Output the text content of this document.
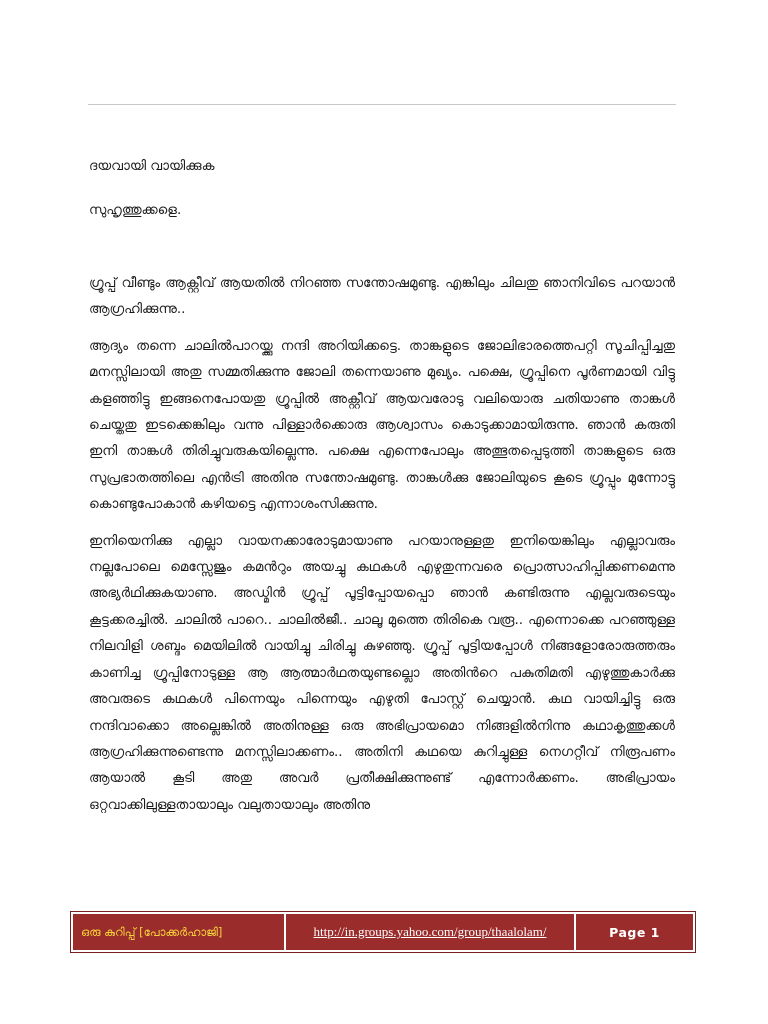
ദയവായി വായിക്കുക

സുഹൃത്തുക്കളെ.

ഗ്രൂപ്പ് വീണ്ടും ആക്റ്റീവ് ആയതില്‍ നിറഞ്ഞ സന്തോഷമുണ്ടു. എങ്കിലും ചിലതു ഞാനിവിടെ പറയാന്‍ ആഗ്രഹിക്കുന്നു..

ആദ്യം തന്നെ ചാലില്‍പാറയ്ക്കു നന്ദി അറിയിക്കട്ടെ. താങ്കളുടെ ജോലിഭാരത്തെപറ്റി സൂചിപ്പിച്ചതു മനസ്സിലായി അതു സമ്മതിക്കുന്നു ജോലി തന്നെയാണു മുഖ്യം. പക്ഷെ, ഗ്രൂപ്പിനെ പൂര്‍ണമായി വിട്ടു കളഞ്ഞിട്ടു ഇങ്ങനെപോയതു ഗ്രൂപ്പില്‍ അക്റ്റീവ് ആയവരോടു വലിയൊരു ചതിയാണു താങ്കള്‍ ചെയ്തതു ഇടക്കെങ്കിലും വന്നു പിള്ളാര്‍ക്കൊരു ആശ്വാസം കൊടുക്കാമായിരുന്നു. ഞാന്‍ കരുതി ഇനി താങ്കള്‍ തിരിച്ചുവരുകയില്ലെന്നു. പക്ഷെ എന്നെപോലും അത്ഭുതപ്പെടുത്തി താങ്കളുടെ ഒരു സുപ്രഭാതത്തിലെ എന്‍ട്രി അതിനു സന്തോഷമുണ്ടു. താങ്കള്‍ക്കു ജോലിയുടെ കൂടെ ഗ്രൂപ്പും മുന്നോട്ടു കൊണ്ടുപോകാന്‍ കഴിയട്ടെ എന്നാശംസിക്കുന്നു.

ഇനിയെനിക്കു എല്ലാ വായനക്കാരോടുമായാണു പറയാനുള്ളതു ഇനിയെങ്കിലും എല്ലാവരും നല്ലപോലെ മെസ്സേജും കമന്‍റും അയച്ചു കഥകള്‍ എഴുതുന്നവരെ പ്രൊത്സാഹിപ്പിക്കണമെന്നു അഭ്യര്‍ഥിക്കുകയാണു. അഡ്മിന്‍ ഗ്രൂപ്പ് പൂട്ടിപ്പോയപ്പൊ ഞാന്‍ കണ്ടിരുന്നു എല്ലവരുടെയും കൂട്ടക്കരച്ചില്‍. ചാലില്‍ പാറെ.. ചാലില്‍ജീ.. ചാലൂ മുത്തെ തിരികെ വരൂ.. എന്നൊക്കെ പറഞ്ഞുള്ള നിലവിളി ശബ്ദം മെയിലില്‍ വായിച്ചു ചിരിച്ചു കുഴഞ്ഞു. ഗ്രൂപ്പ് പൂട്ടിയപ്പോള്‍ നിങ്ങളോരോരുത്തരും കാണിച്ച ഗ്രൂപ്പിനോടുള്ള ആ ആത്മാര്‍ഥതയുണ്ടല്ലൊ അതിന്‍റെ പകുതിമതി എഴുത്തുകാര്‍ക്കു അവരുടെ കഥകള്‍ പിന്നെയും പിന്നെയും എഴുതി പോസ്റ്റ് ചെയ്യാന്‍. കഥ വായിച്ചിട്ടു ഒരു നന്ദിവാക്കൊ അല്ലെങ്കില്‍ അതിനുള്ള ഒരു അഭിപ്രായമൊ നിങ്ങളില്‍നിന്നു കഥാകൃത്തുക്കള്‍ ആഗ്രഹിക്കുന്നുണ്ടെന്നു മനസ്സിലാക്കണം.. അതിനി കഥയെ കുറിച്ചുള്ള നെഗറ്റീവ് നിരൂപണം ആയാല്‍ കൂടി അതു അവര്‍ പ്രതീക്ഷിക്കുന്നുണ്ട് എന്നോര്‍ക്കണം. അഭിപ്രായം ഒറ്റവാക്കിലുള്ളതായാലും വലുതായാലും അതിനു

ഒരു കുറിപ്പ് [പോക്കര്‍ഹാജി]	http://in.groups.yahoo.com/group/thaalolam/	Page 1
